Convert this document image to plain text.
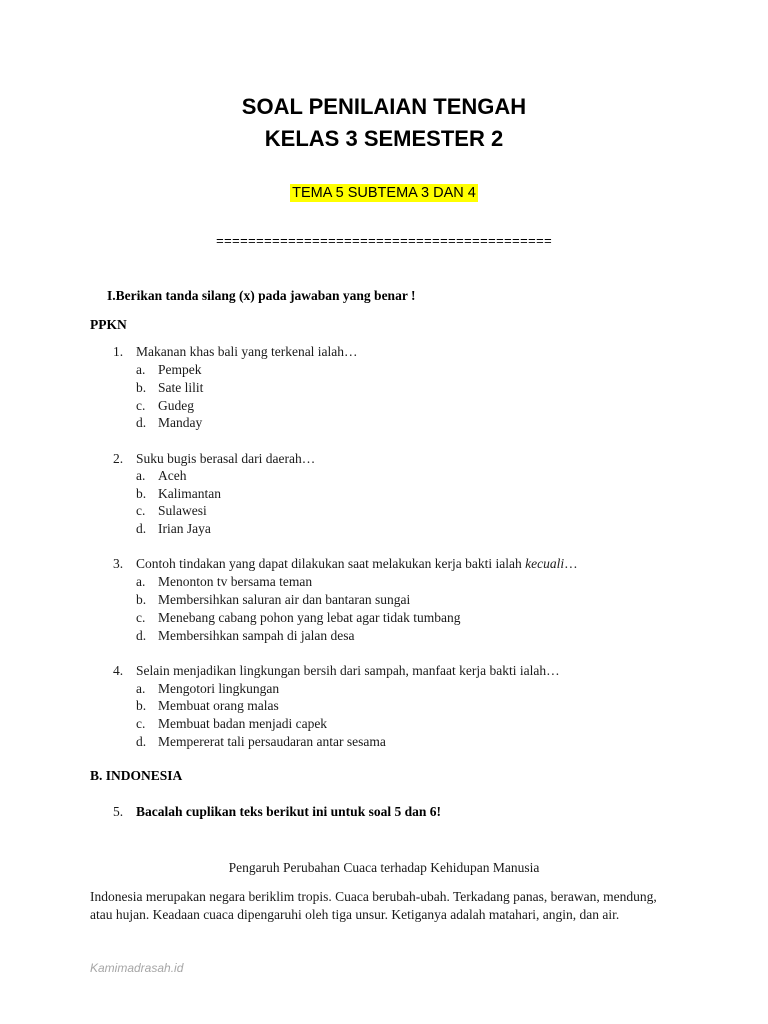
SOAL PENILAIAN TENGAH
KELAS 3 SEMESTER 2
TEMA 5 SUBTEMA 3 DAN 4
==========================================
I.Berikan tanda silang (x) pada jawaban yang benar !
PPKN
1. Makanan khas bali yang terkenal ialah…
a. Pempek
b. Sate lilit
c. Gudeg
d. Manday
2. Suku bugis berasal dari daerah…
a. Aceh
b. Kalimantan
c. Sulawesi
d. Irian Jaya
3. Contoh tindakan yang dapat dilakukan saat melakukan kerja bakti ialah kecuali…
a. Menonton tv bersama teman
b. Membersihkan saluran air dan bantaran sungai
c. Menebang cabang pohon yang lebat agar tidak tumbang
d. Membersihkan sampah di jalan desa
4. Selain menjadikan lingkungan bersih dari sampah, manfaat kerja bakti ialah…
a. Mengotori lingkungan
b. Membuat orang malas
c. Membuat badan menjadi capek
d. Mempererat tali persaudaran antar sesama
B. INDONESIA
5. Bacalah cuplikan teks berikut ini untuk soal 5 dan 6!
Pengaruh Perubahan Cuaca terhadap Kehidupan Manusia
Indonesia merupakan negara beriklim tropis. Cuaca berubah-ubah. Terkadang panas, berawan, mendung,
atau hujan. Keadaan cuaca dipengaruhi oleh tiga unsur. Ketiganya adalah matahari, angin, dan air.
Kamimadrasah.id
